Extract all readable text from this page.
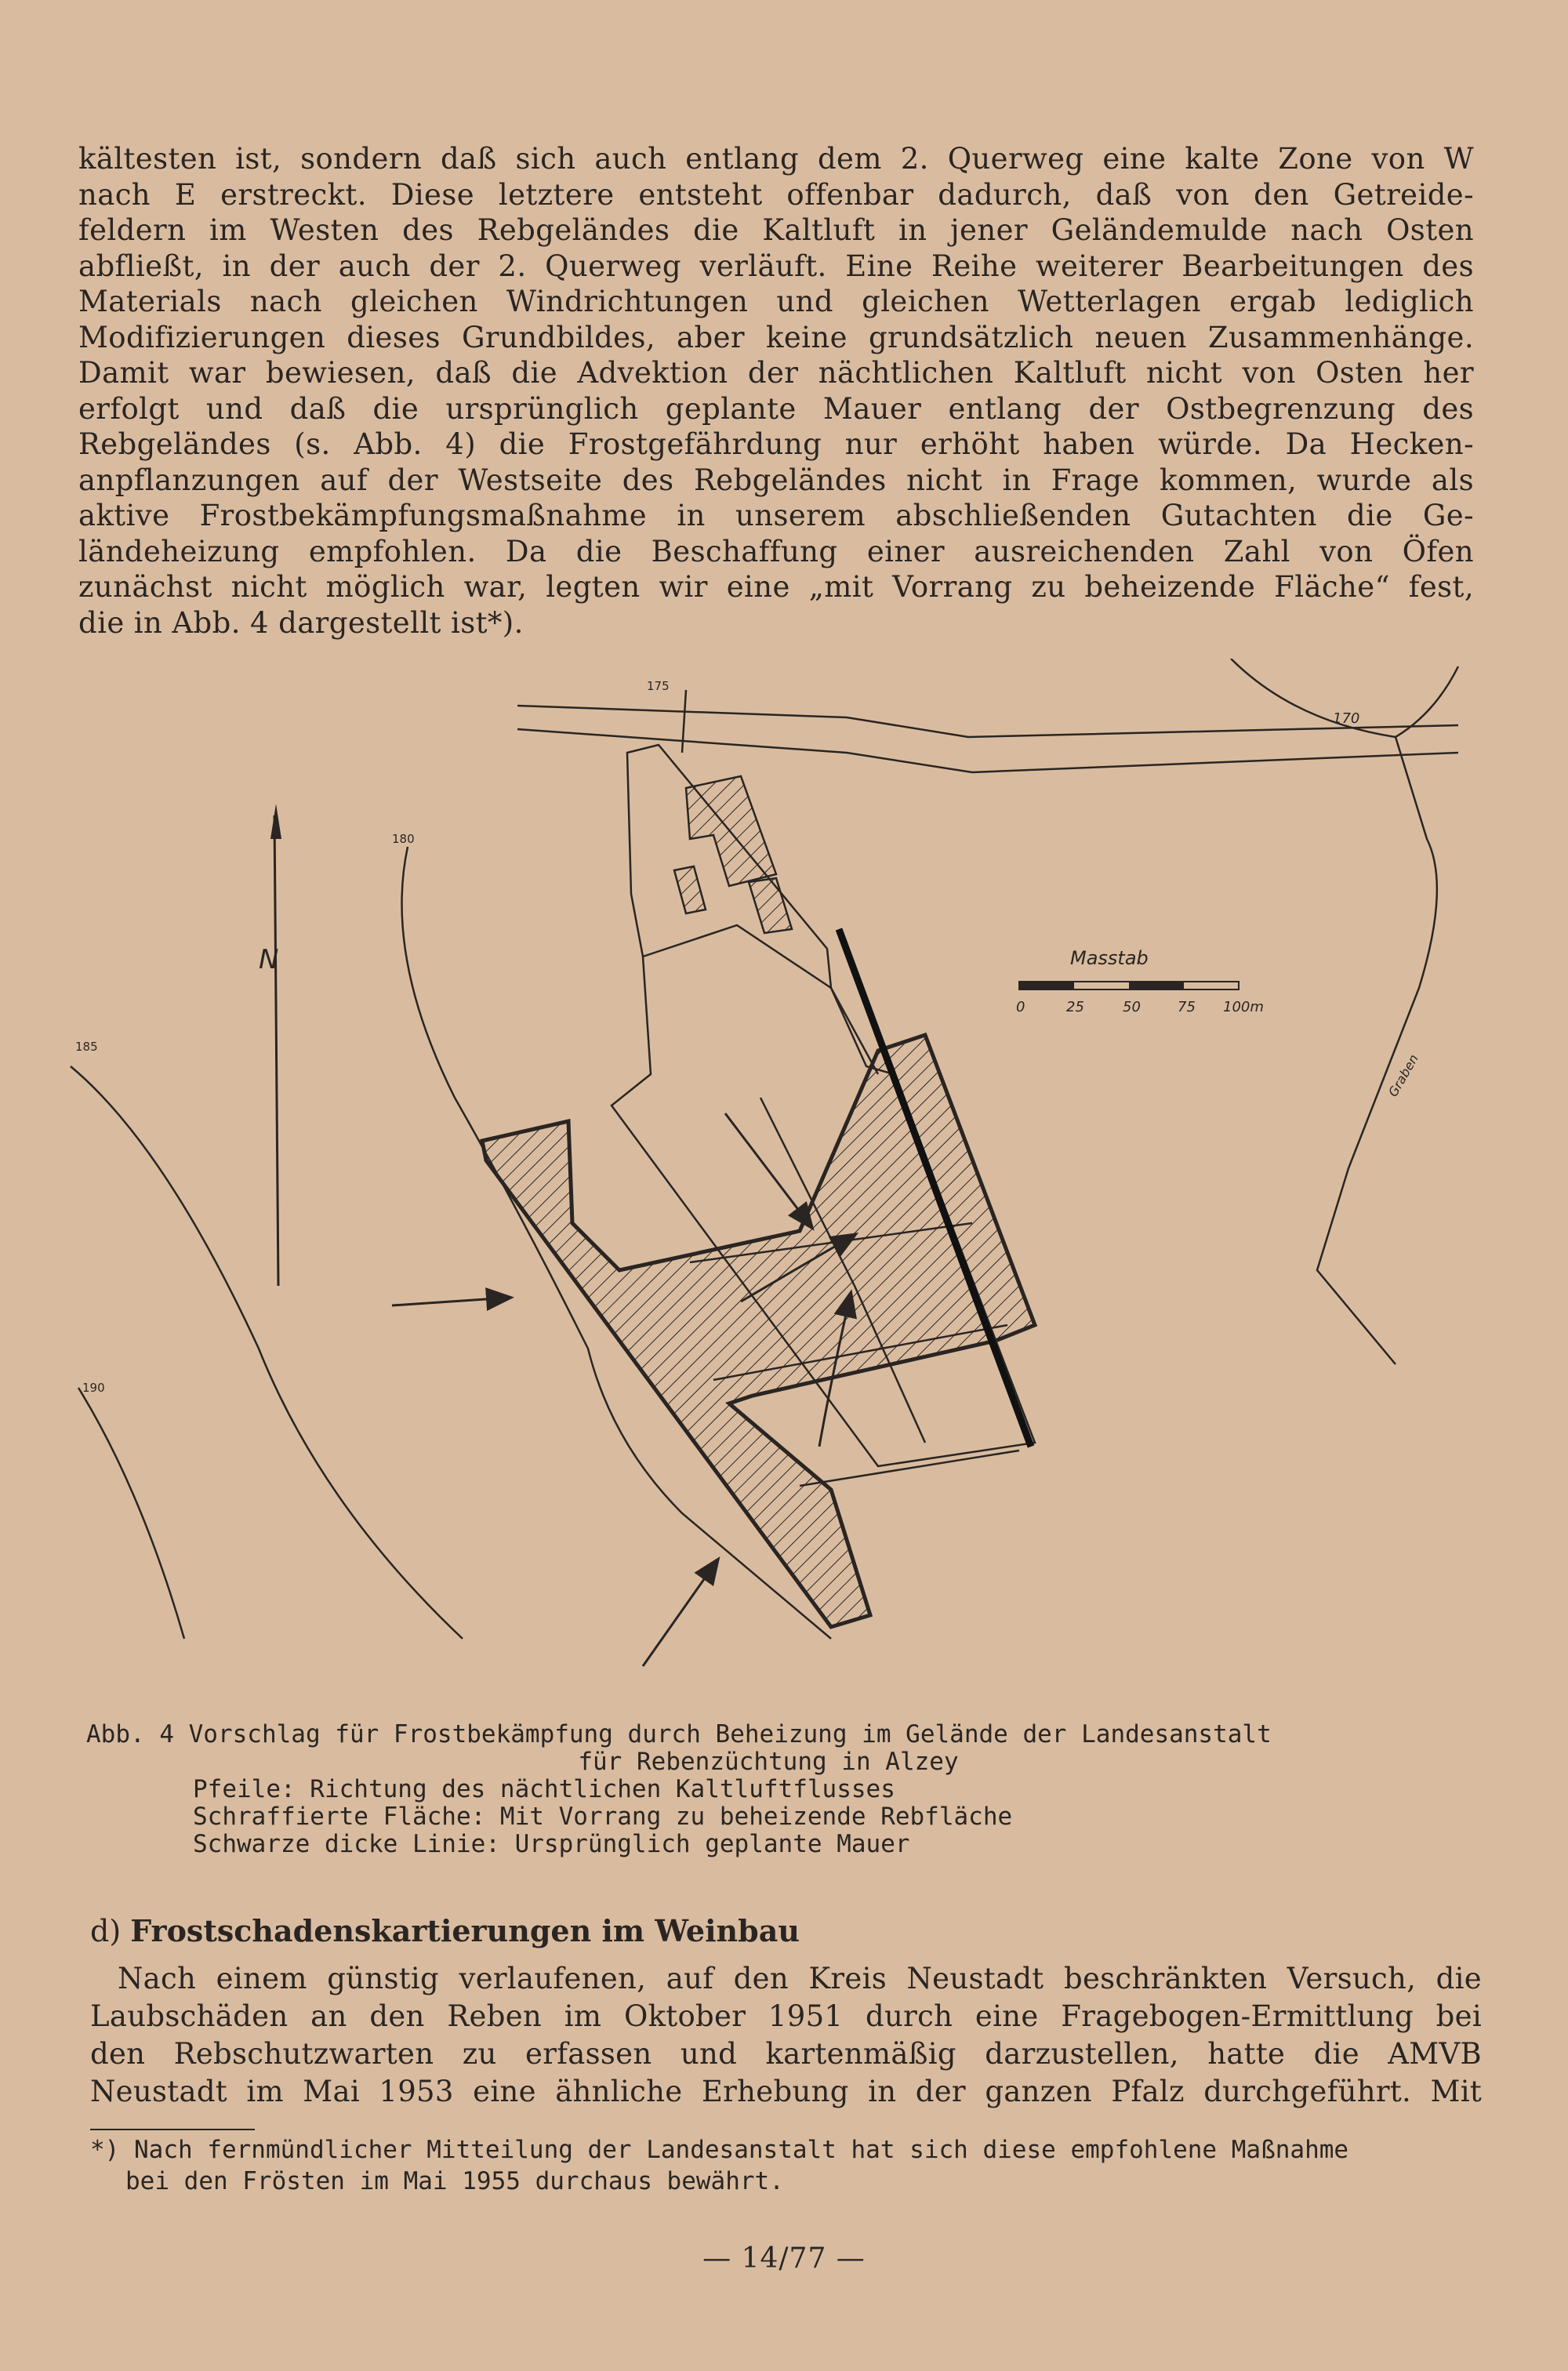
kältesten ist, sondern daß sich auch entlang dem 2. Querweg eine kalte Zone von W
nach E erstreckt. Diese letztere entsteht offenbar dadurch, daß von den Getreide-
feldern im Westen des Rebgeländes die Kaltluft in jener Geländemulde nach Osten
abfließt, in der auch der 2. Querweg verläuft. Eine Reihe weiterer Bearbeitungen des
Materials nach gleichen Windrichtungen und gleichen Wetterlagen ergab lediglich
Modifizierungen dieses Grundbildes, aber keine grundsätzlich neuen Zusammenhänge.
Damit war bewiesen, daß die Advektion der nächtlichen Kaltluft nicht von Osten her
erfolgt und daß die ursprünglich geplante Mauer entlang der Ostbegrenzung des
Rebgeländes (s. Abb. 4) die Frostgefährdung nur erhöht haben würde. Da Hecken-
anpflanzungen auf der Westseite des Rebgeländes nicht in Frage kommen, wurde als
aktive Frostbekämpfungsmaßnahme in unserem abschließenden Gutachten die Ge-
ländeheizung empfohlen. Da die Beschaffung einer ausreichenden Zahl von Öfen
zunächst nicht möglich war, legten wir eine „mit Vorrang zu beheizende Fläche“ fest,
die in Abb. 4 dargestellt ist*).
N	Masstab
0	25	50	75 100m
175
170
180
185
190
Graben
Abb. 4 Vorschlag für Frostbekämpfung durch Beheizung im Gelände der Landesanstalt
für Rebenzüchtung in Alzey
Pfeile: Richtung des nächtlichen Kaltluftflusses
Schraffierte Fläche: Mit Vorrang zu beheizende Rebfläche
Schwarze dicke Linie: Ursprünglich geplante Mauer
d) Frostschadenskartierungen im Weinbau
Nach einem günstig verlaufenen, auf den Kreis Neustadt beschränkten Versuch, die
Laubschäden an den Reben im Oktober 1951 durch eine Fragebogen-Ermittlung bei
den Rebschutzwarten zu erfassen und kartenmäßig darzustellen, hatte die AMVB
Neustadt im Mai 1953 eine ähnliche Erhebung in der ganzen Pfalz durchgeführt. Mit
*) Nach fernmündlicher Mitteilung der Landesanstalt hat sich diese empfohlene Maßnahme
bei den Frösten im Mai 1955 durchaus bewährt.
— 14/77 —
